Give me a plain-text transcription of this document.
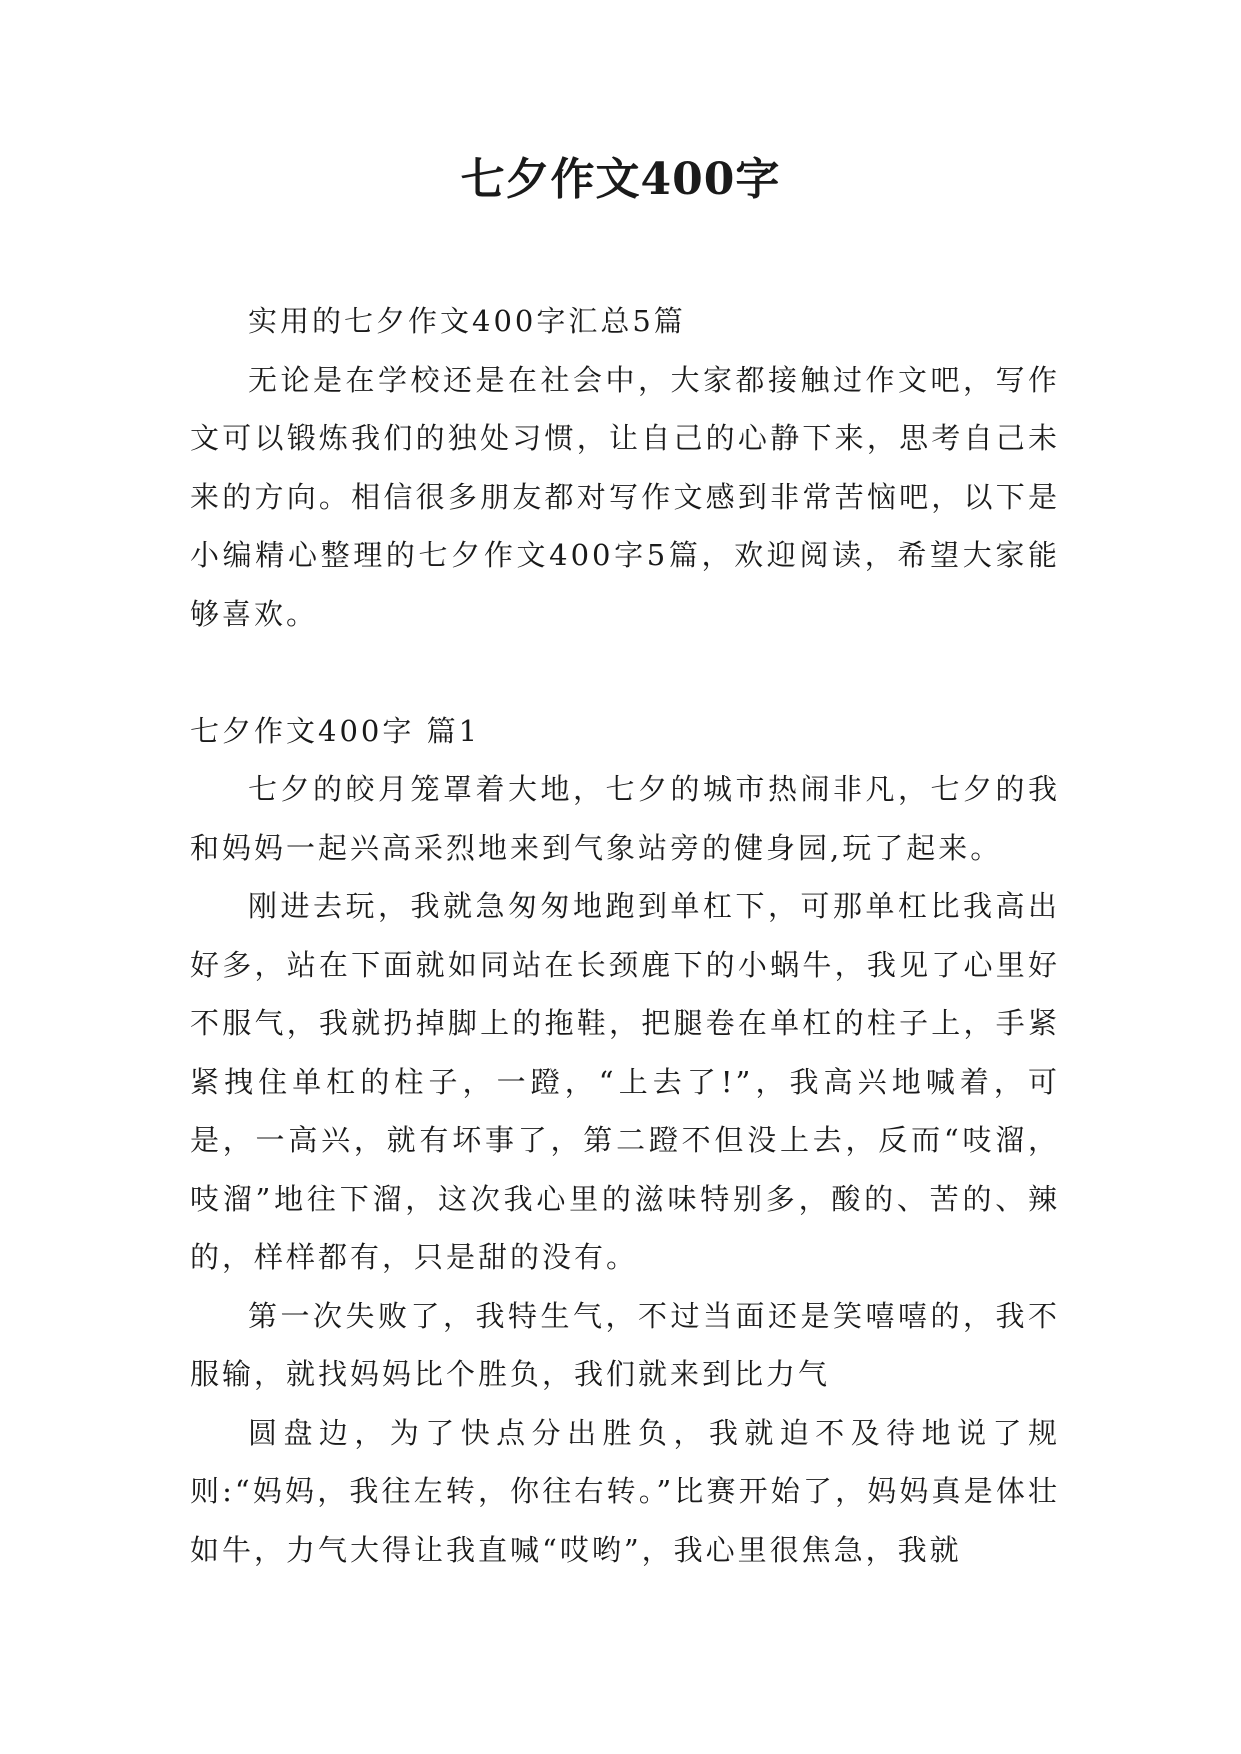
七夕作文400字

实用的七夕作文400字汇总5篇

无论是在学校还是在社会中，大家都接触过作文吧，写作文可以锻炼我们的独处习惯，让自己的心静下来，思考自己未来的方向。相信很多朋友都对写作文感到非常苦恼吧，以下是小编精心整理的七夕作文400字5篇，欢迎阅读，希望大家能够喜欢。

七夕作文400字 篇1

七夕的皎月笼罩着大地，七夕的城市热闹非凡，七夕的我和妈妈一起兴高采烈地来到气象站旁的健身园,玩了起来。

刚进去玩，我就急匆匆地跑到单杠下，可那单杠比我高出好多，站在下面就如同站在长颈鹿下的小蜗牛，我见了心里好不服气，我就扔掉脚上的拖鞋，把腿卷在单杠的柱子上，手紧紧拽住单杠的柱子，一蹬，“上去了!”，我高兴地喊着，可是，一高兴，就有坏事了，第二蹬不但没上去，反而“吱溜，吱溜”地往下溜，这次我心里的滋味特别多，酸的、苦的、辣的，样样都有，只是甜的没有。

第一次失败了，我特生气，不过当面还是笑嘻嘻的，我不服输，就找妈妈比个胜负，我们就来到比力气

圆盘边，为了快点分出胜负，我就迫不及待地说了规则:“妈妈，我往左转，你往右转。”比赛开始了，妈妈真是体壮如牛，力气大得让我直喊“哎哟”，我心里很焦急，我就
